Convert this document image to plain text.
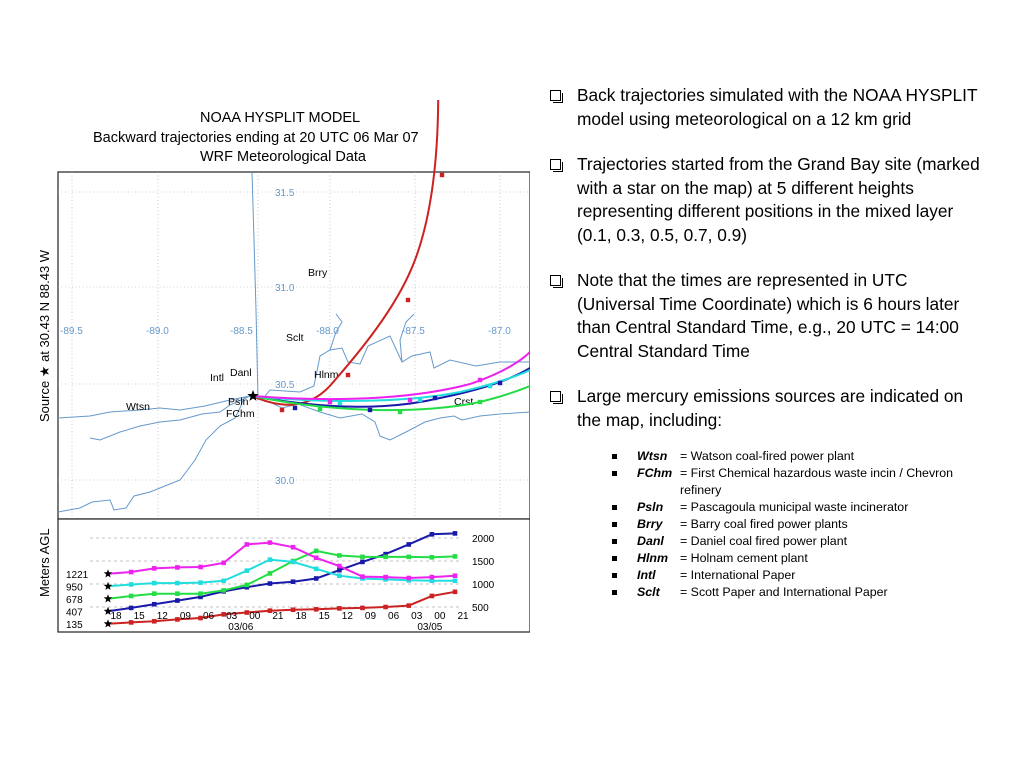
NOAA HYSPLIT MODEL
Backward trajectories ending at 20 UTC 06 Mar 07
WRF Meteorological Data
Source ★ at 30.43 N 88.43 W
Meters AGL
31.5
31.0
30.5
30.0
-89.5	-89.0	-88.5	-88.0	-87.5	-87.0
Brry
Sclt
Intl Danl	Hlnm
Wtsn	Psln
FChm
Crst
2000
1500
1000
500
1221
950
678
407
135
18 15 12 09 06 03 00 21 18 15 12 09 06 03 00 21
03/06	03/05
Back trajectories simulated with the NOAA HYSPLIT model using meteorological on a 12 km grid
Trajectories started from the Grand Bay site (marked with a star on the map) at 5 different heights representing different positions in the mixed layer (0.1, 0.3, 0.5, 0.7, 0.9)
Note that the times are represented in UTC (Universal Time Coordinate) which is 6 hours later than Central Standard Time, e.g., 20 UTC = 14:00 Central Standard Time
Large mercury emissions sources are indicated on the map, including:
Wtsn	= Watson coal-fired power plant
FChm = First Chemical hazardous waste incin / Chevron refinery
Psln	= Pascagoula municipal waste incinerator
Brry	= Barry coal fired power plants
Danl	= Daniel coal fired power plant
Hlnm = Holnam cement plant
Intl	= International Paper
Sclt	= Scott Paper and International Paper
